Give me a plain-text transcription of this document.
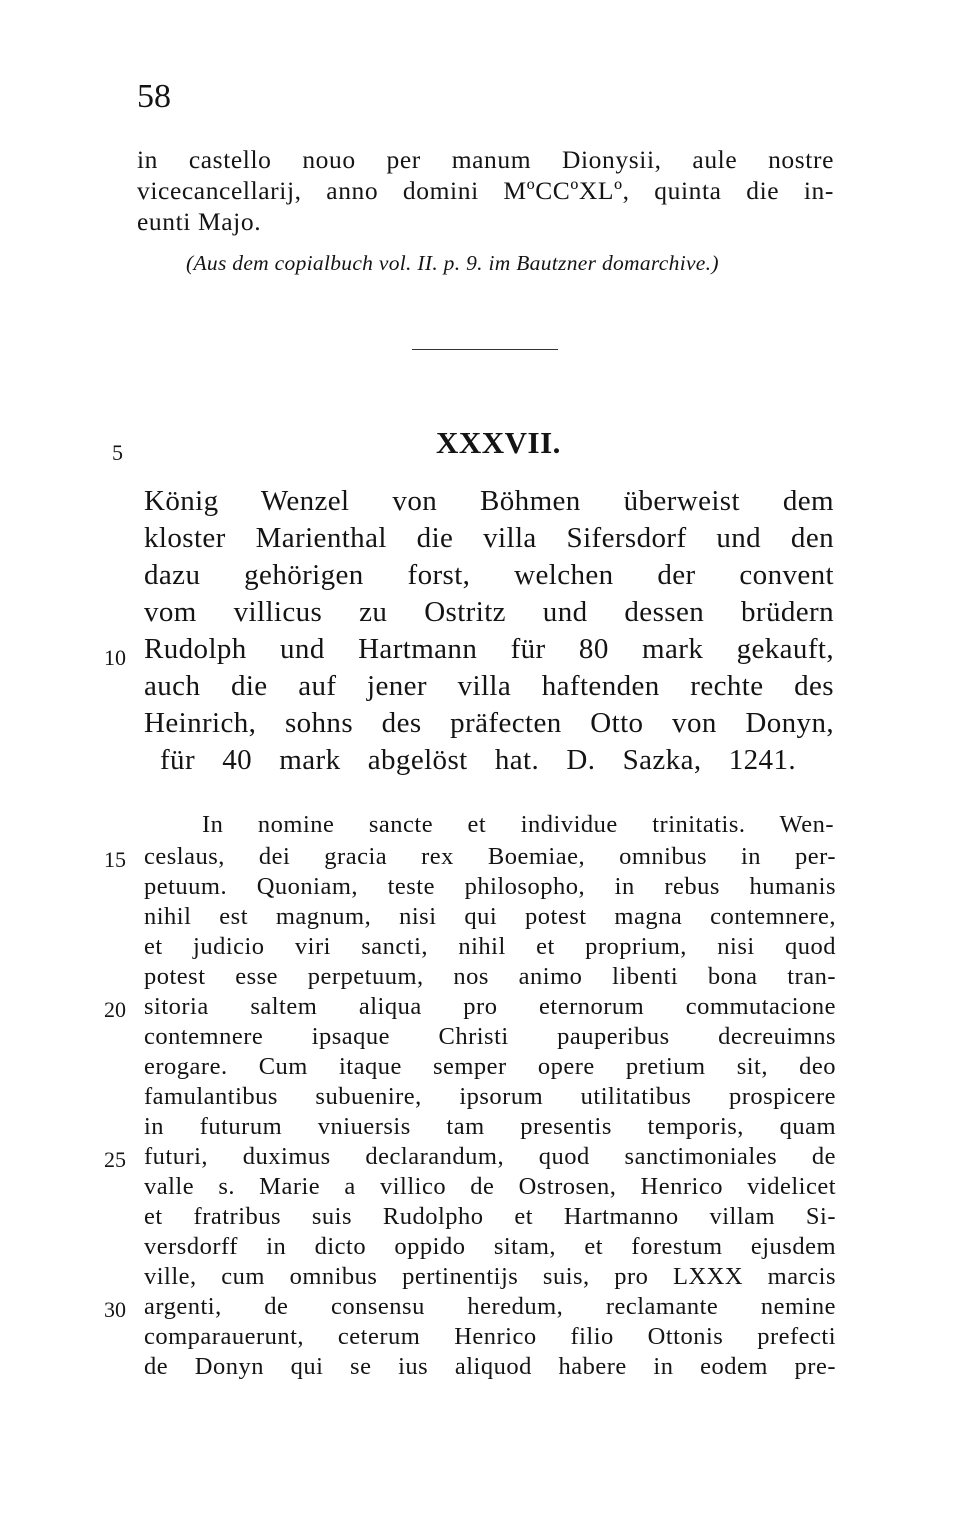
58
in castello nouo per manum Dionysii, aule nostre
vicecancellarij, anno domini MºCCºXLº, quinta die in-
eunti Majo.
(Aus dem copialbuch vol. II. p. 9. im Bautzner domarchive.)
5	XXXVII.
König Wenzel von Böhmen überweist dem
kloster Marienthal die villa Sifersdorf und den
dazu gehörigen forst, welchen der convent
vom villicus zu Ostritz und dessen brüdern
10 Rudolph und Hartmann für 80 mark gekauft,
auch die auf jener villa haftenden rechte des
Heinrich, sohns des präfecten Otto von Donyn,
für 40 mark abgelöst hat. D. Sazka, 1241.
In nomine sancte et individue trinitatis. Wen-
15 ceslaus, dei gracia rex Boemiae, omnibus in per-
petuum. Quoniam, teste philosopho, in rebus humanis
nihil est magnum, nisi qui potest magna contemnere,
et judicio viri sancti, nihil et proprium, nisi quod
potest esse perpetuum, nos animo libenti bona tran-
20 sitoria saltem aliqua pro eternorum commutacione
contemnere ipsaque Christi pauperibus decreuimns
erogare. Cum itaque semper opere pretium sit, deo
famulantibus subuenire, ipsorum utilitatibus prospicere
in futurum vniuersis tam presentis temporis, quam
25 futuri, duximus declarandum, quod sanctimoniales de
valle s. Marie a villico de Ostrosen, Henrico videlicet
et fratribus suis Rudolpho et Hartmanno villam Si-
versdorff in dicto oppido sitam, et forestum ejusdem
ville, cum omnibus pertinentijs suis, pro LXXX marcis
30 argenti, de consensu heredum, reclamante nemine
comparauerunt, ceterum Henrico filio Ottonis prefecti
de Donyn qui se ius aliquod habere in eodem pre-
